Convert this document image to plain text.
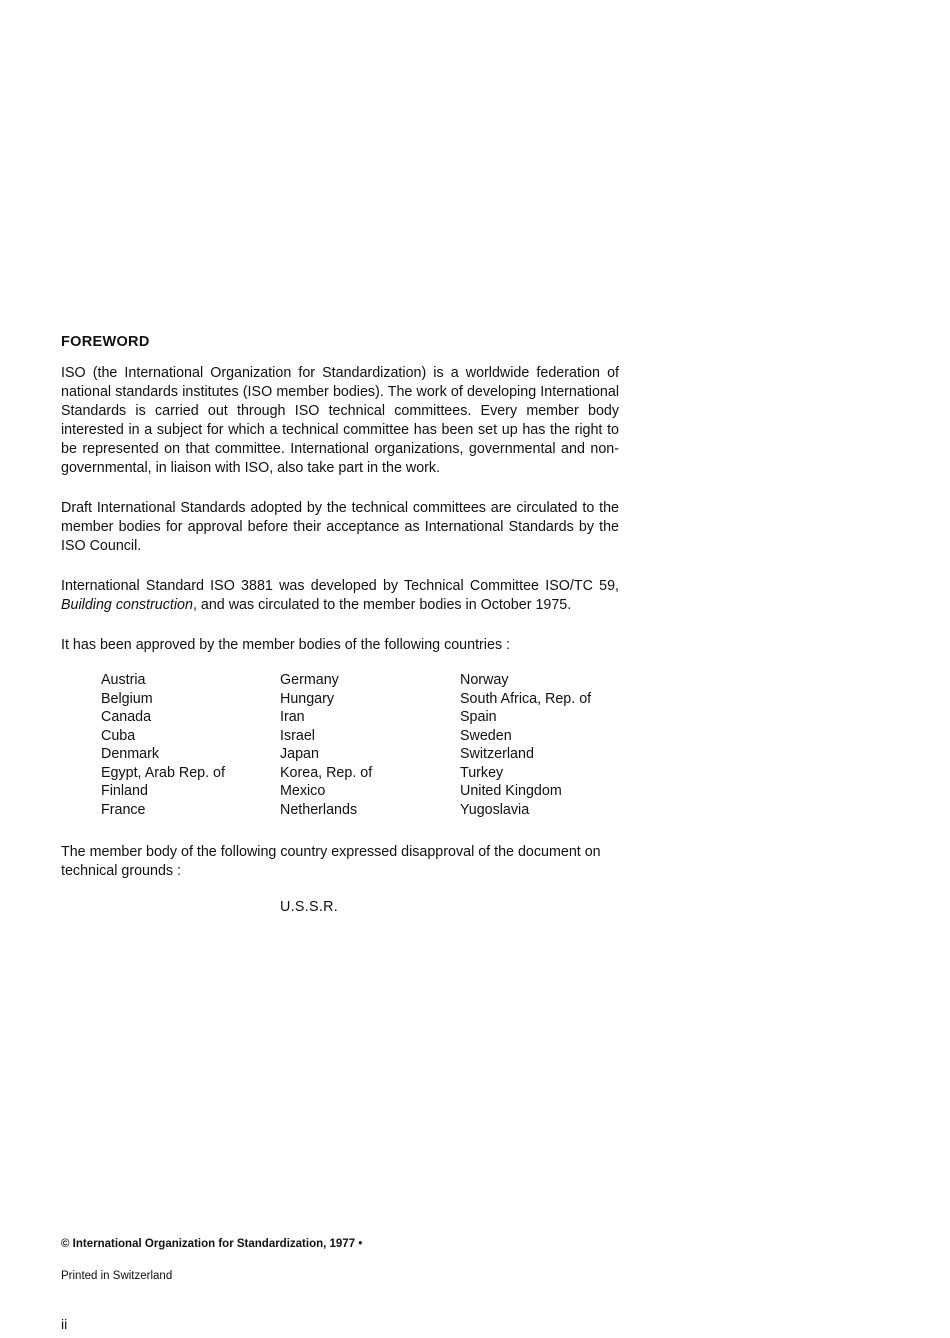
FOREWORD
ISO (the International Organization for Standardization) is a worldwide federation of national standards institutes (ISO member bodies). The work of developing International Standards is carried out through ISO technical committees. Every member body interested in a subject for which a technical committee has been set up has the right to be represented on that committee. International organizations, governmental and non-governmental, in liaison with ISO, also take part in the work.
Draft International Standards adopted by the technical committees are circulated to the member bodies for approval before their acceptance as International Standards by the ISO Council.
International Standard ISO 3881 was developed by Technical Committee ISO/TC 59, Building construction, and was circulated to the member bodies in October 1975.
It has been approved by the member bodies of the following countries :
Austria
Belgium
Canada
Cuba
Denmark
Egypt, Arab Rep. of
Finland
France
Germany
Hungary
Iran
Israel
Japan
Korea, Rep. of
Mexico
Netherlands
Norway
South Africa, Rep. of
Spain
Sweden
Switzerland
Turkey
United Kingdom
Yugoslavia
The member body of the following country expressed disapproval of the document on technical grounds :
U.S.S.R.
© International Organization for Standardization, 1977 •
Printed in Switzerland
ii
